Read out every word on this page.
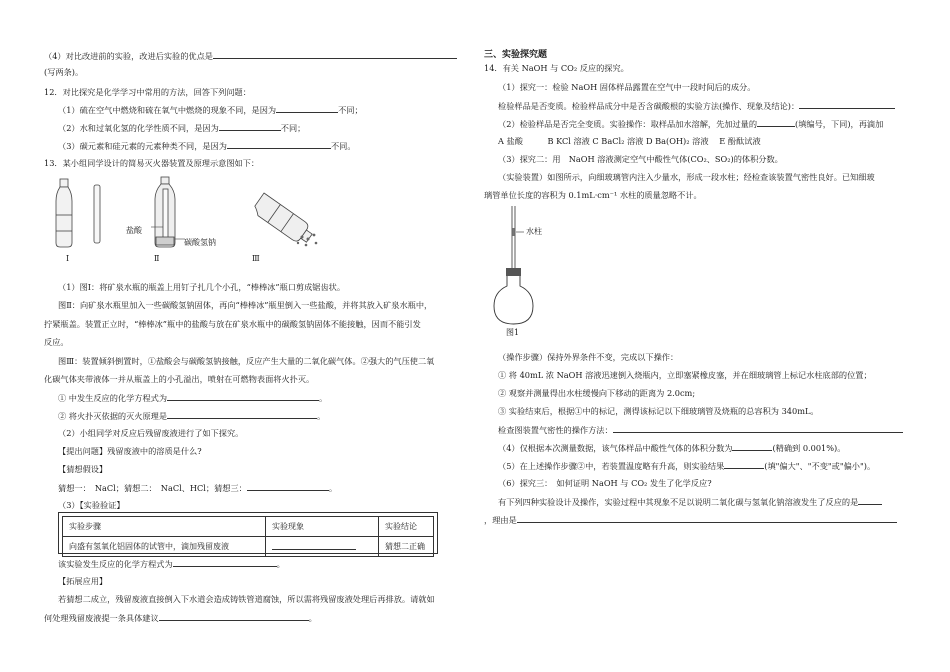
（4）对比改进前的实验，改进后实验的优点是
(写两条)。
12．对比探究是化学学习中常用的方法，回答下列问题：
（1）硫在空气中燃烧和硫在氧气中燃烧的现象不同，是因为	不同；
（2）水和过氧化氢的化学性质不同，是因为	不同；
（3）碳元素和硅元素的元素种类不同，是因为	不同。
13．某小组同学设计的简易灭火器装置及原理示意图如下：
盐酸
碳酸氢钠
Ⅰ	Ⅱ	Ⅲ
（1）图Ⅰ：将矿泉水瓶的瓶盖上用钉子扎几个小孔，“棒棒冰”瓶口剪成锯齿状。
图Ⅱ：向矿泉水瓶里加入一些碳酸氢钠固体，再向“棒棒冰”瓶里倒入一些盐酸，并将其放入矿泉水瓶中，
拧紧瓶盖。装置正立时，“棒棒冰”瓶中的盐酸与放在矿泉水瓶中的碳酸氢钠固体不能接触，因而不能引发
反应。
图Ⅲ：装置倾斜倒置时，①盐酸会与碳酸氢钠接触，反应产生大量的二氧化碳气体。②强大的气压使二氧
化碳气体夹带液体一并从瓶盖上的小孔溢出，喷射在可燃物表面将火扑灭。
① 中发生反应的化学方程式为	。
② 将火扑灭依据的灭火原理是	。
（2）小组同学对反应后残留废液进行了如下探究。
【提出问题】残留废液中的溶质是什么?
【猜想假设】
猜想一：　NaCl；猜想二：　NaCl、HCl；猜想三：	。
（3）【实验验证】
实验步骤	实验现象	实验结论
向盛有氢氧化铝固体的试管中，滴加残留废液		猜想二正确
该实验发生反应的化学方程式为	。
【拓展应用】
若猜想二成立，残留废液直接倒入下水道会造成铸铁管道腐蚀，所以需将残留废液处理后再排放。请就如
何处理残留废液提一条具体建议	。
三、实验探究题
14．有关 NaOH 与 CO₂ 反应的探究。
（1）探究一：检验 NaOH 固体样品露置在空气中一段时间后的成分。
检验样品是否变质。检验样品成分中是否含碳酸根的实验方法(操作、现象及结论)：
（2）检验样品是否完全变质。实验操作：取样品加水溶解，先加过量的	(填编号，下同)，再滴加
A 盐酸　　　B KCl 溶液 C BaCl₂ 溶液 D Ba(OH)₂ 溶液　 E 酚酞试液
（3）探究二：用　NaOH 溶液测定空气中酸性气体(CO₂、SO₂)的体积分数。
（实验装置）如图所示，向细玻璃管内注入少量水，形成一段水柱；经检查该装置气密性良好。已知细玻
璃管单位长度的容积为 0.1mL·cm⁻¹ 水柱的质量忽略不计。
水柱
图1
（操作步骤）保持外界条件不变，完成以下操作：
① 将 40mL 浓 NaOH 溶液迅速倒入烧瓶内，立即塞紧橡皮塞，并在细玻璃管上标记水柱底部的位置；
② 观察并测量得出水柱缓慢向下移动的距离为 2.0cm;
③ 实验结束后，根据①中的标记，测得该标记以下细玻璃管及烧瓶的总容积为 340mL。
检查图装置气密性的操作方法：
（4）仅根据本次测量数据，该气体样品中酸性气体的体积分数为	(精确到 0.001%)。
（5）在上述操作步骤②中，若装置温度略有升高，则实验结果	(填"偏大"、"不变"或"偏小")。
（6）探究三：　如何证明 NaOH 与 CO₂ 发生了化学反应?
有下列四种实验设计及操作，实验过程中其现象不足以说明二氧化碳与氢氧化钠溶液发生了反应的是
，理由是
